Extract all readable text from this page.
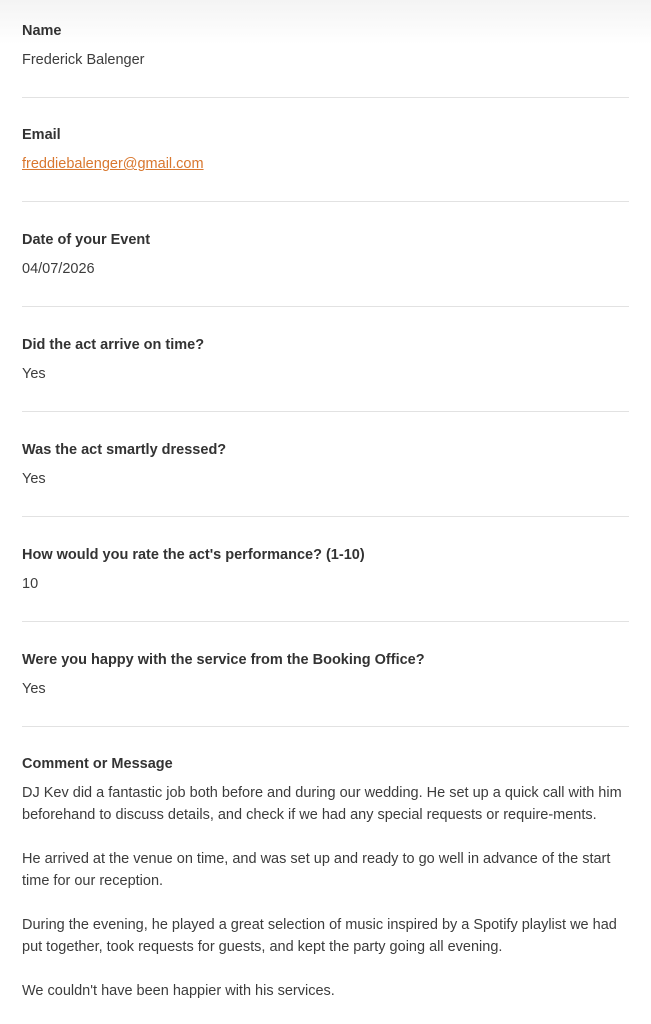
Name
Frederick Balenger
Email
freddiebalenger@gmail.com
Date of your Event
04/07/2026
Did the act arrive on time?
Yes
Was the act smartly dressed?
Yes
How would you rate the act's performance? (1-10)
10
Were you happy with the service from the Booking Office?
Yes
Comment or Message

DJ Kev did a fantastic job both before and during our wedding. He set up a quick call with him beforehand to discuss details, and check if we had any special requests or require-ments.

He arrived at the venue on time, and was set up and ready to go well in advance of the start time for our reception.

During the evening, he played a great selection of music inspired by a Spotify playlist we had put together, took requests for guests, and kept the party going all evening.

We couldn't have been happier with his services.
